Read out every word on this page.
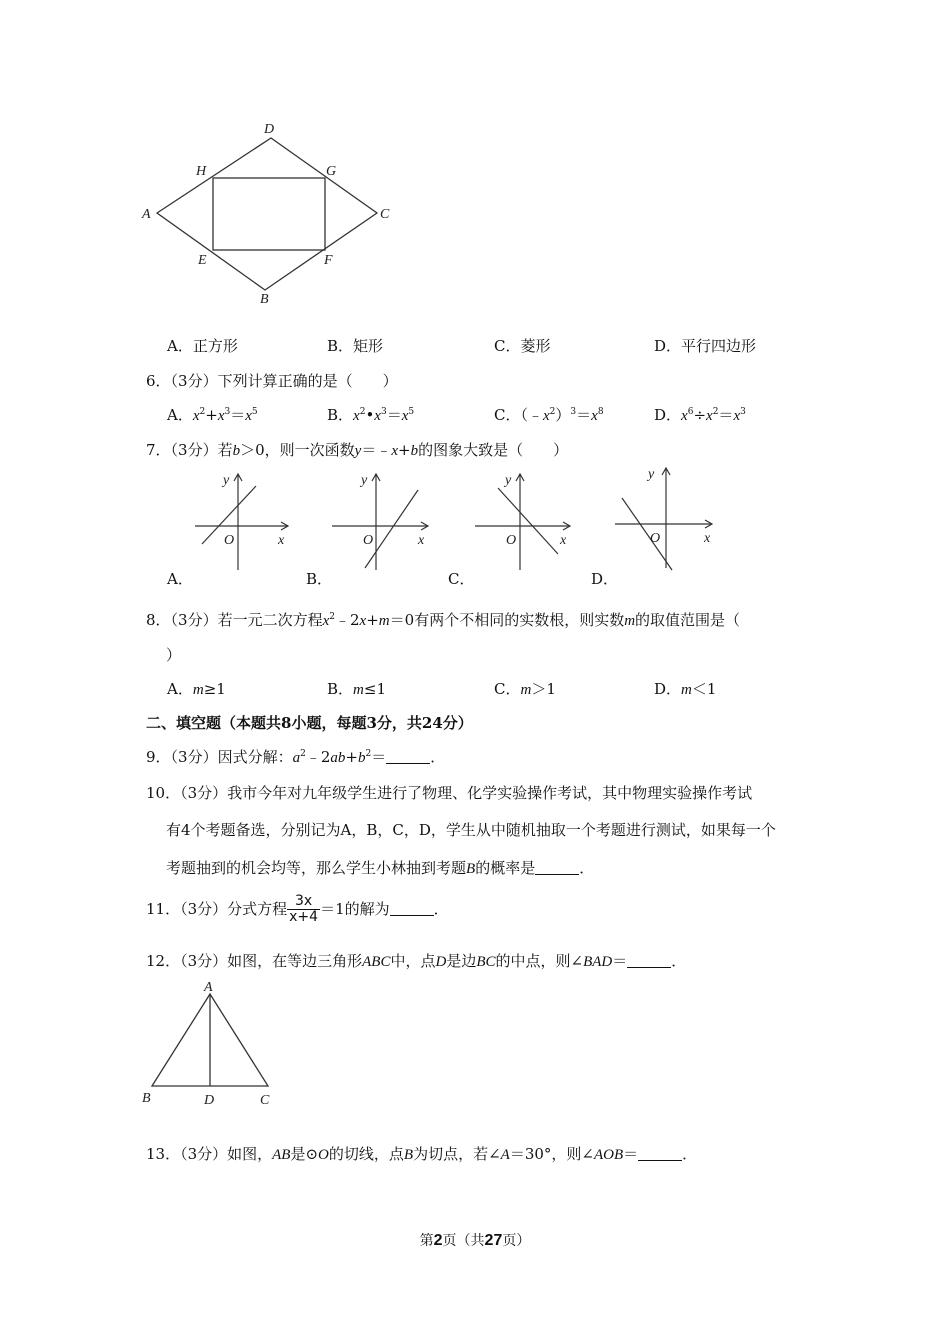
D
H	G
A	C
E	F
B
A．正方形	B．矩形	C．菱形	D．平行四边形
6．（3分）下列计算正确的是（　　）
A．$x^2+x^3=x^5$	B．$x^2•x^3=x^5$	C．$(﹣x^2)^3=x^8$	D．$x^6\div x^2=x^3$
7．（3分）若b＞0，则一次函数y＝﹣x+b的图象大致是（　　）
y
O	x
y
O	x
y
O	x
y
O	x
A．	B．	C．	D．
8．（3分）若一元二次方程$x^2﹣2x+m=0$有两个不相同的实数根，则实数m的取值范围是（
）
A．m≥1	B．m≤1	C．m＞1	D．m＜1
二、填空题（本题共8小题，每题3分，共24分）
9．（3分）因式分解：$a^2﹣2ab+b^2=$	．
10．（3分）我市今年对九年级学生进行了物理、化学实验操作考试，其中物理实验操作考试
有4个考题备选，分别记为A，B，C，D，学生从中随机抽取一个考题进行测试，如果每一个
考题抽到的机会均等，那么学生小林抽到考题B的概率是	．
11．（3分）分式方程 $\frac{3x}{x+4} =1$的解为	．
12．（3分）如图，在等边三角形ABC中，点D是边BC的中点，则∠BAD＝	．
A
B	D	C
13．（3分）如图，AB是⊙O的切线，点B为切点，若∠A＝30°，则∠AOB＝	．
第2页（共27页）
